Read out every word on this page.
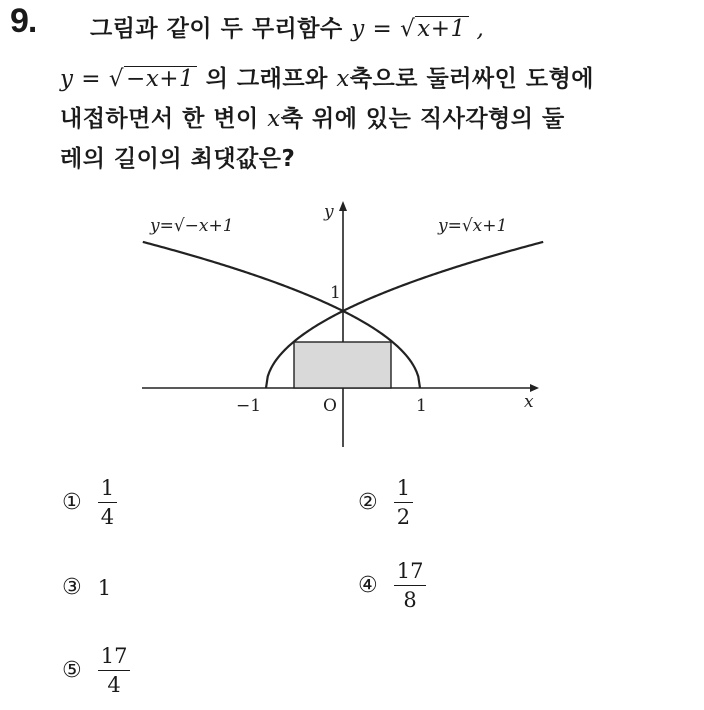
9. 그림과 같이 두 무리함수 y = √x+1 ,
y = √−x+1 의 그래프와 x축으로 둘러싸인 도형에
내접하면서 한 변이 x축 위에 있는 직사각형의 둘
레의 길이의 최댓값은?
y=√−x+1	y=√x+1
y
x
O
−1	1
1
① $\frac{1}{4}$	② $\frac{1}{2}$
③ 1	④ $\frac{17}{8}$
⑤ $\frac{17}{4}$
